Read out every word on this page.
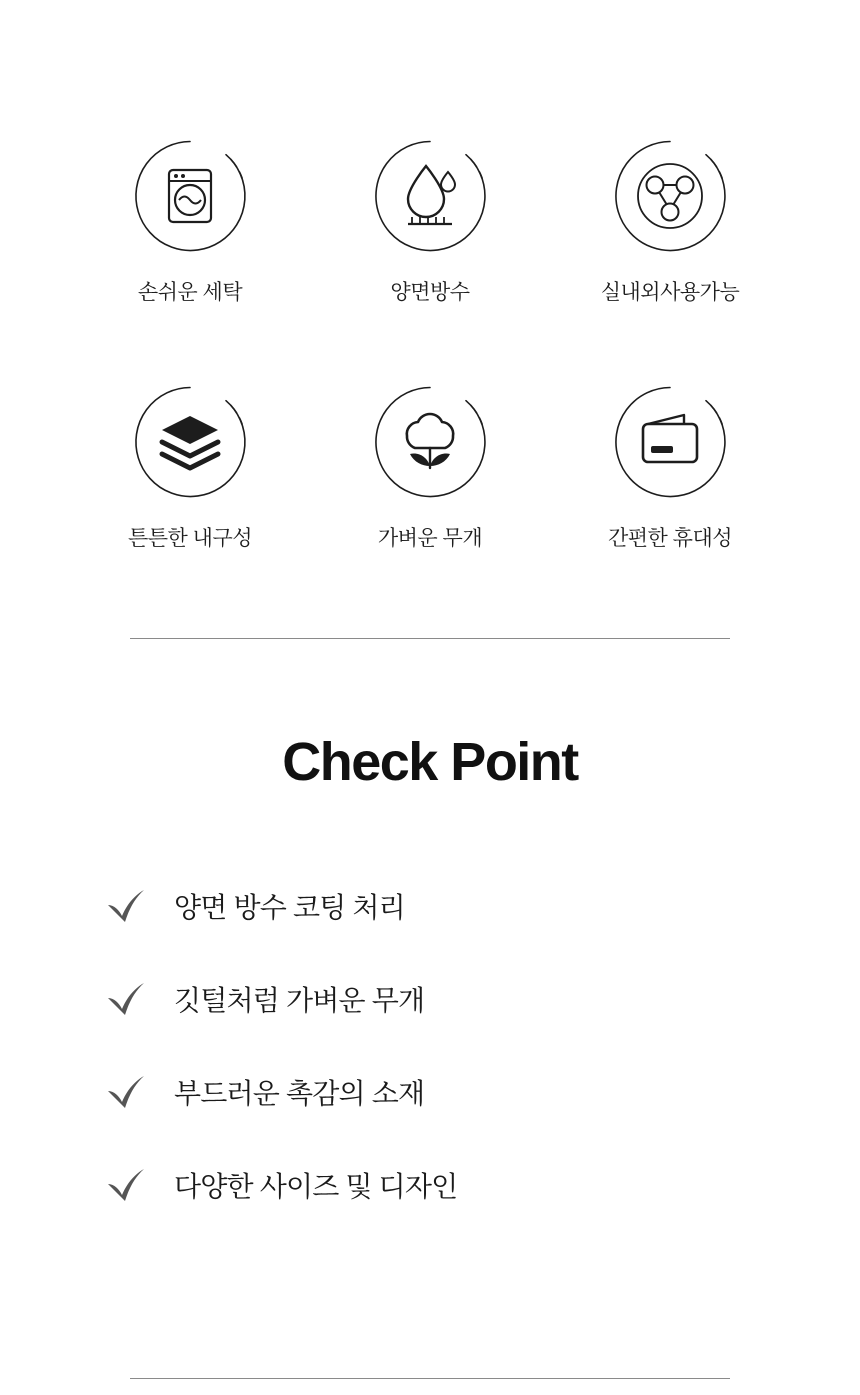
손쉬운 세탁	양면방수	실내외사용가능
튼튼한 내구성	가벼운 무개	간편한 휴대성
Check Point
양면 방수 코팅 처리
깃털처럼 가벼운 무개
부드러운 촉감의 소재
다양한 사이즈 및 디자인
